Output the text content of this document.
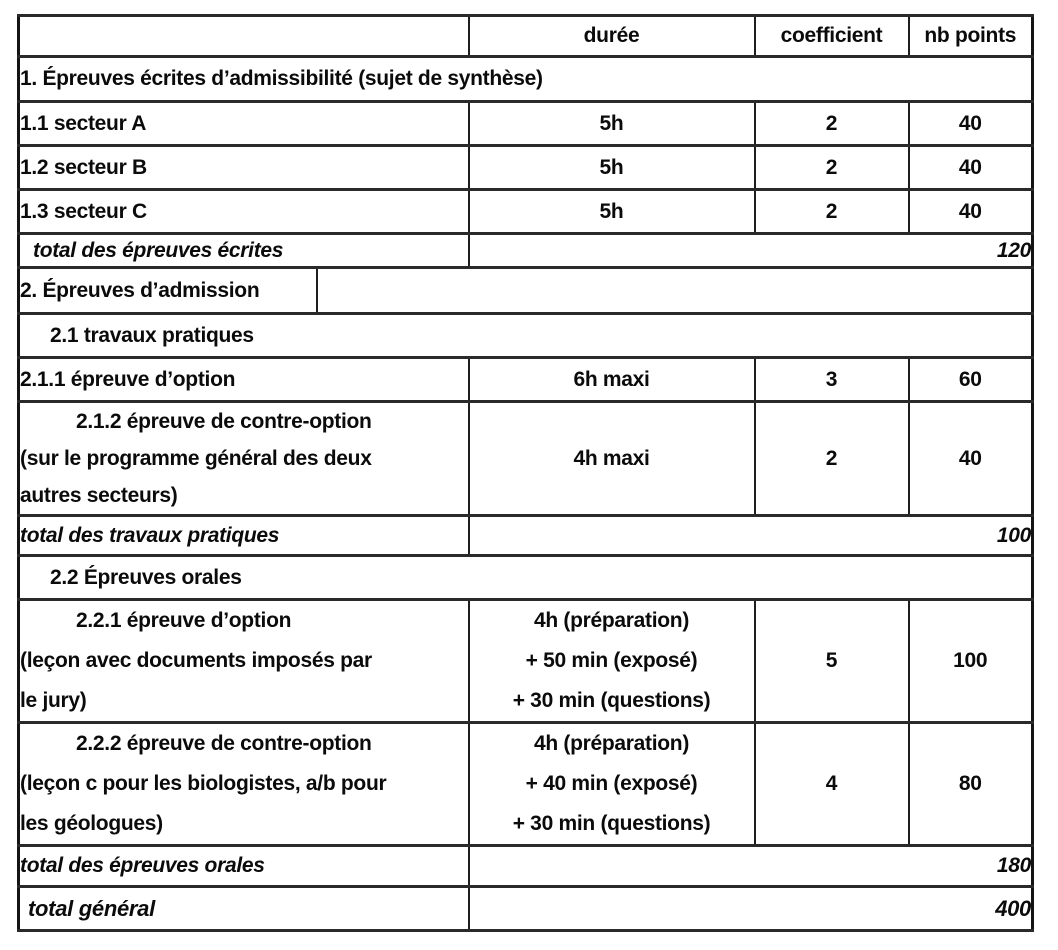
	durée	coefficient	nb points
1. Épreuves écrites d’admissibilité (sujet de synthèse)			
1.1 secteur A	5h	2	40
1.2 secteur B	5h	2	40
1.3 secteur C	5h	2	40
total des épreuves écrites	120		
2. Épreuves d’admission			

2.1 travaux pratiques			
2.1.1 épreuve d’option	6h maxi	3	60

2.1.2 épreuve de contre-option
(sur le programme général des deux
autres secteurs)	4h maxi	2	40
total des travaux pratiques	100		
2.2 Épreuves orales			

2.2.1 épreuve d’option
(leçon avec documents imposés par
le jury)	4h (préparation)
+ 50 min (exposé)
+ 30 min (questions)	5	100

2.2.2 épreuve de contre-option
(leçon c pour les biologistes, a/b pour
les géologues)	4h (préparation)
+ 40 min (exposé)
+ 30 min (questions)	4	80
total des épreuves orales	180		
total général	400		
